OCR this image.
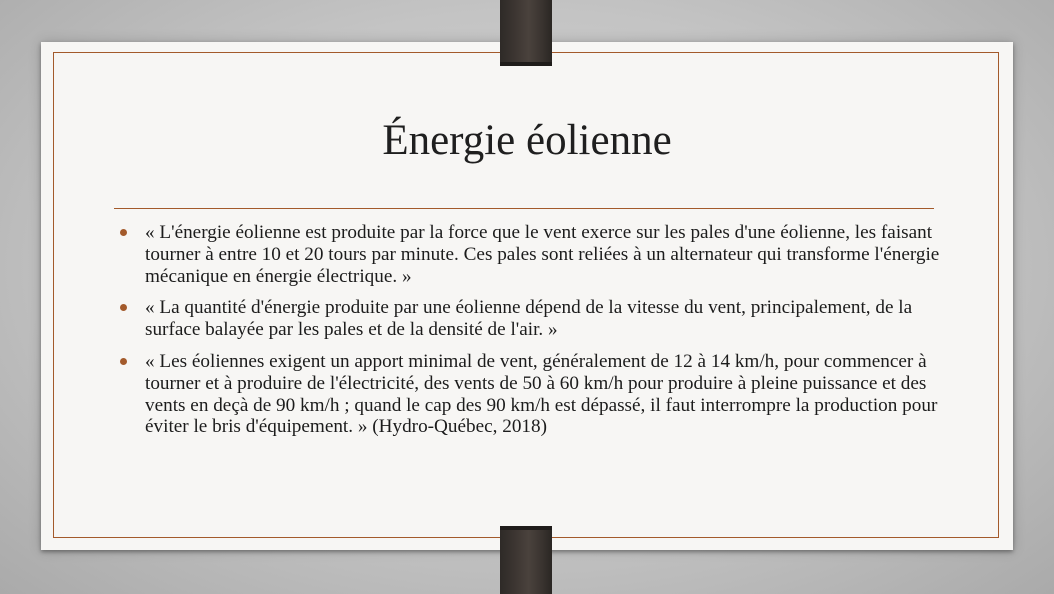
Énergie éolienne
« L'énergie éolienne est produite par la force que le vent exerce sur les pales d'une éolienne, les faisant tourner à entre 10 et 20 tours par minute. Ces pales sont reliées à un alternateur qui transforme l'énergie mécanique en énergie électrique. »
« La quantité d'énergie produite par une éolienne dépend de la vitesse du vent, principalement, de la surface balayée par les pales et de la densité de l'air. »
« Les éoliennes exigent un apport minimal de vent, généralement de 12 à 14 km/h, pour commencer à tourner et à produire de l'électricité, des vents de 50 à 60 km/h pour produire à pleine puissance et des vents en deçà de 90 km/h ; quand le cap des 90 km/h est dépassé, il faut interrompre la production pour éviter le bris d'équipement. » (Hydro-Québec, 2018)
